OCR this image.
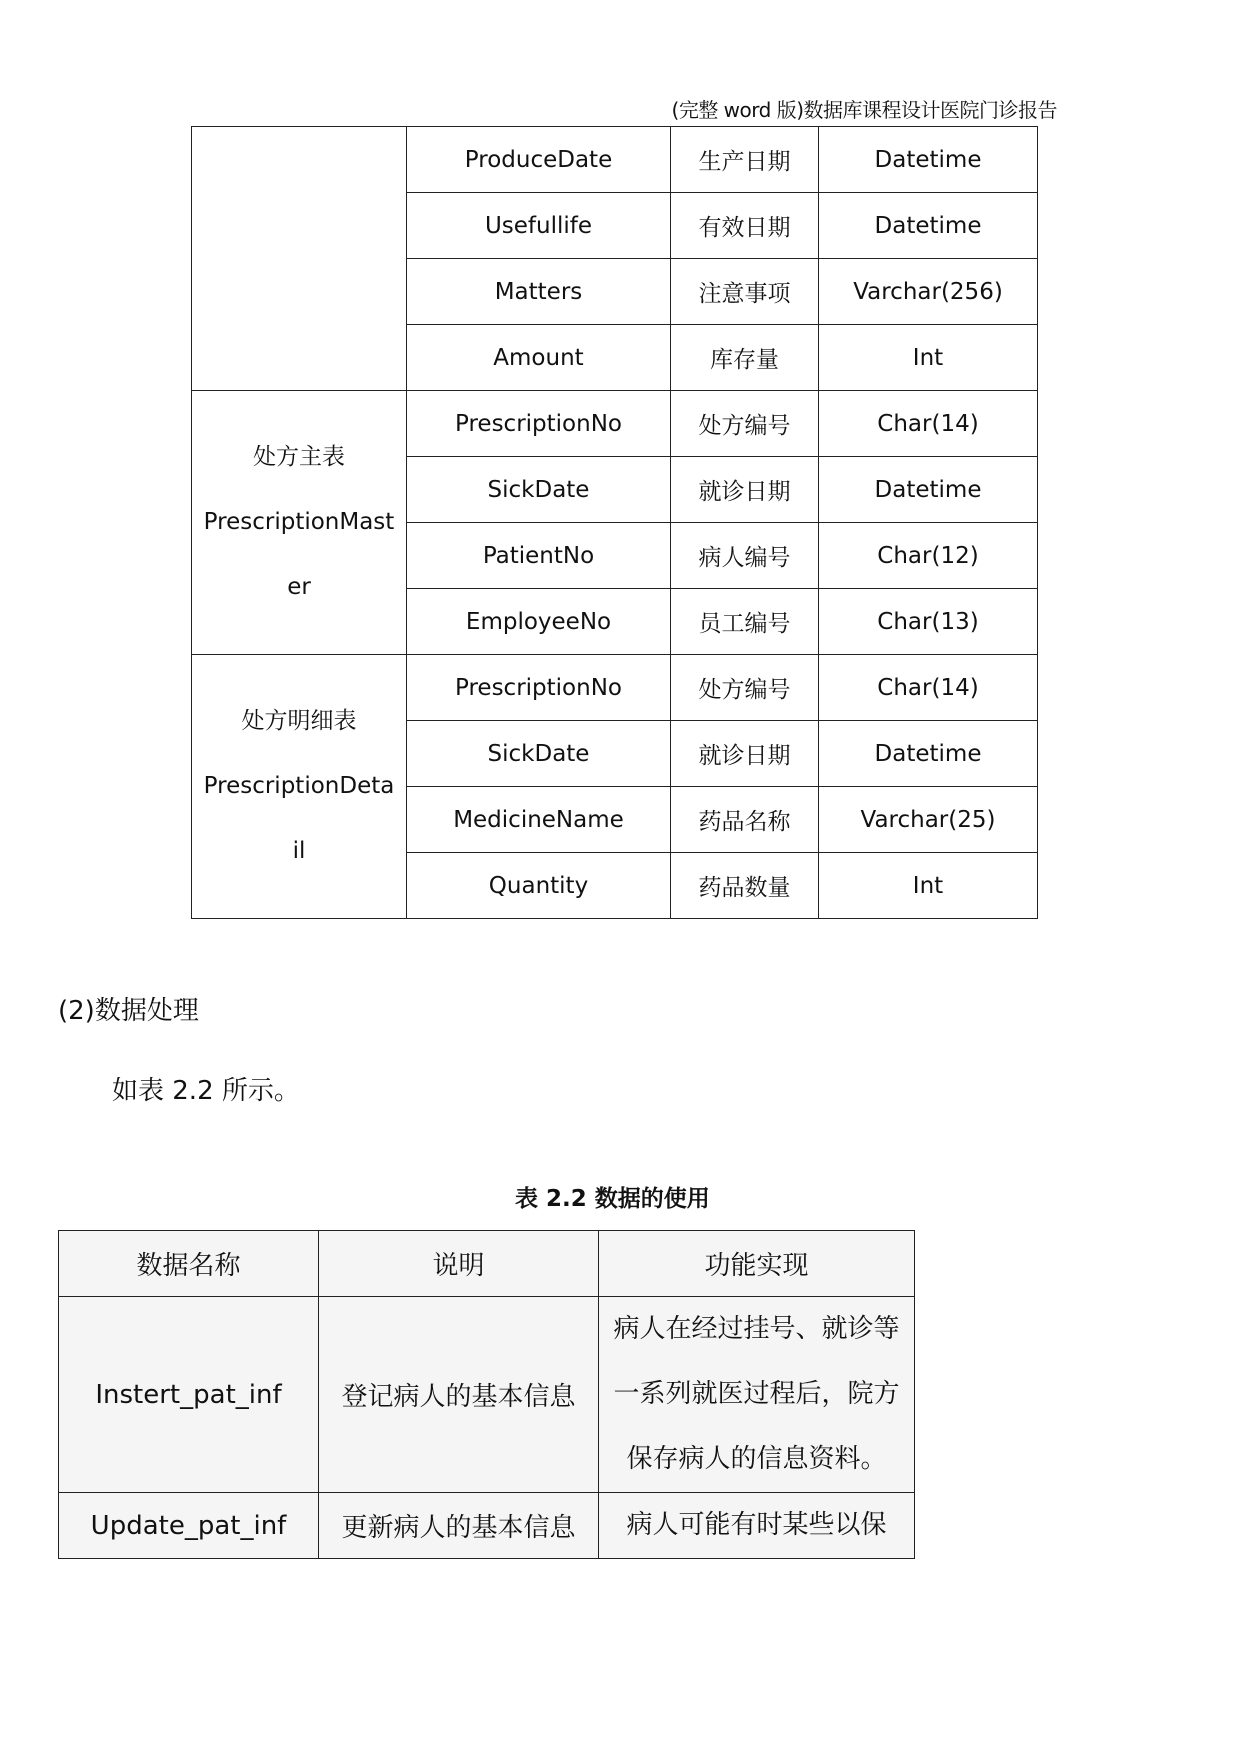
(完整 word 版)数据库课程设计医院门诊报告
	ProduceDate	生产日期	Datetime
	Usefullife	有效日期	Datetime
	Matters	注意事项	Varchar(256)
	Amount	库存量	Int

处方主表
PrescriptionMast
er	PrescriptionNo	处方编号	Char(14)
	SickDate	就诊日期	Datetime
	PatientNo	病人编号	Char(12)
	EmployeeNo	员工编号	Char(13)

处方明细表
PrescriptionDeta
il	PrescriptionNo	处方编号	Char(14)
	SickDate	就诊日期	Datetime
	MedicineName	药品名称	Varchar(25)
	Quantity	药品数量	Int
(2)数据处理
如表 2.2 所示。
表 2.2 数据的使用
数据名称	说明	功能实现
Instert_pat_inf	登记病人的基本信息	病人在经过挂号、就诊等
一系列就医过程后，院方
保存病人的信息资料。

Update_pat_inf	更新病人的基本信息	病人可能有时某些以保
